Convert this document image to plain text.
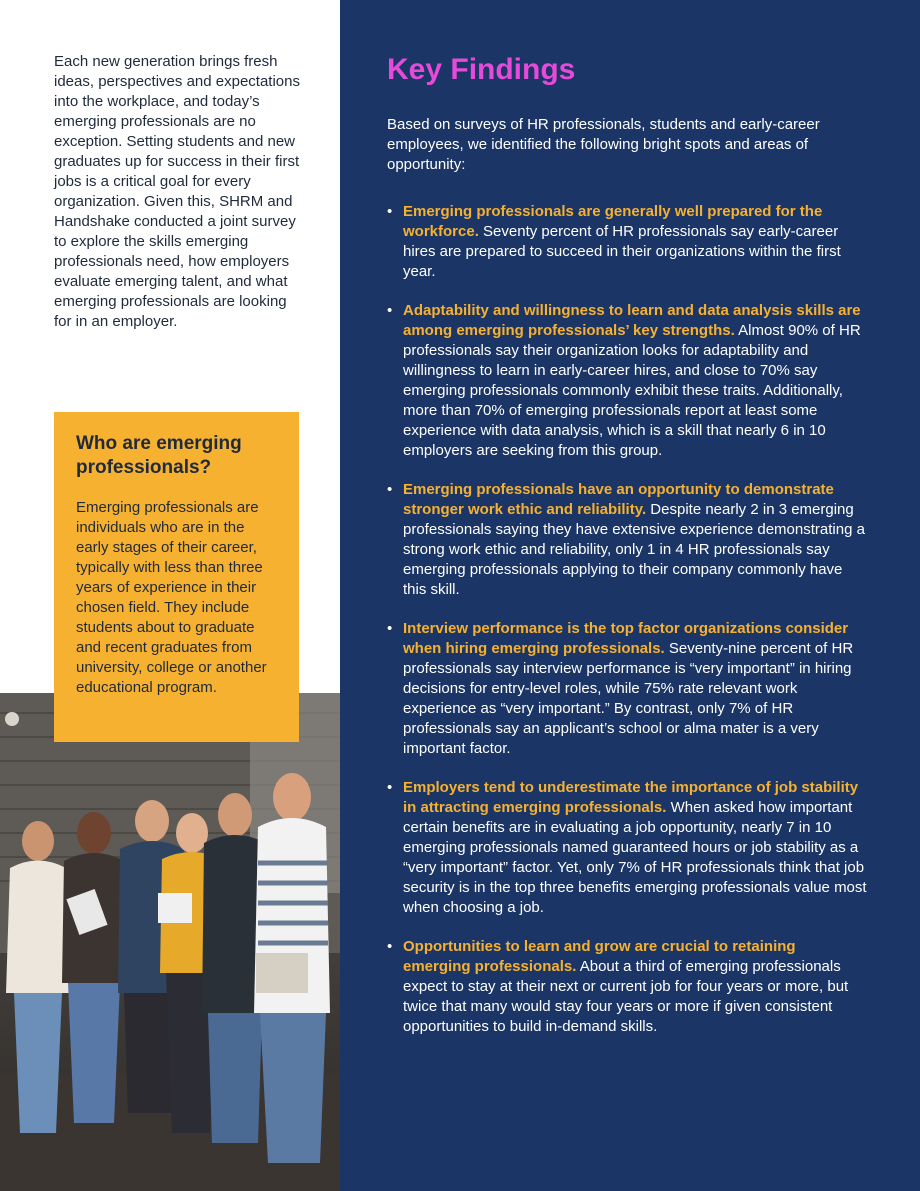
Each new generation brings fresh ideas, perspectives and expectations into the workplace, and today’s emerging professionals are no exception. Setting students and new graduates up for success in their first jobs is a critical goal for every organization. Given this, SHRM and Handshake conducted a joint survey to explore the skills emerging professionals need, how employers evaluate emerging talent, and what emerging professionals are looking for in an employer.

Who are emerging professionals?

Emerging professionals are individuals who are in the early stages of their career, typically with less than three years of experience in their chosen field. They include students about to graduate and recent graduates from university, college or another educational program.

Key Findings

Based on surveys of HR professionals, students and early-career employees, we identified the following bright spots and areas of opportunity:

• Emerging professionals are generally well prepared for the workforce. Seventy percent of HR professionals say early-career hires are prepared to succeed in their organizations within the first year.
• Adaptability and willingness to learn and data analysis skills are among emerging professionals’ key strengths. Almost 90% of HR professionals say their organization looks for adaptability and willingness to learn in early-career hires, and close to 70% say emerging professionals commonly exhibit these traits. Additionally, more than 70% of emerging professionals report at least some experience with data analysis, which is a skill that nearly 6 in 10 employers are seeking from this group.
• Emerging professionals have an opportunity to demonstrate stronger work ethic and reliability. Despite nearly 2 in 3 emerging professionals saying they have extensive experience demonstrating a strong work ethic and reliability, only 1 in 4 HR professionals say emerging professionals applying to their company commonly have this skill.
• Interview performance is the top factor organizations consider when hiring emerging professionals. Seventy-nine percent of HR professionals say interview performance is “very important” in hiring decisions for entry-level roles, while 75% rate relevant work experience as “very important.” By contrast, only 7% of HR professionals say an applicant’s school or alma mater is a very important factor.
• Employers tend to underestimate the importance of job stability in attracting emerging professionals. When asked how important certain benefits are in evaluating a job opportunity, nearly 7 in 10 emerging professionals named guaranteed hours or job stability as a “very important” factor. Yet, only 7% of HR professionals think that job security is in the top three benefits emerging professionals value most when choosing a job.
• Opportunities to learn and grow are crucial to retaining emerging professionals. About a third of emerging professionals expect to stay at their next or current job for four years or more, but twice that many would stay four years or more if given consistent opportunities to build in-demand skills.
